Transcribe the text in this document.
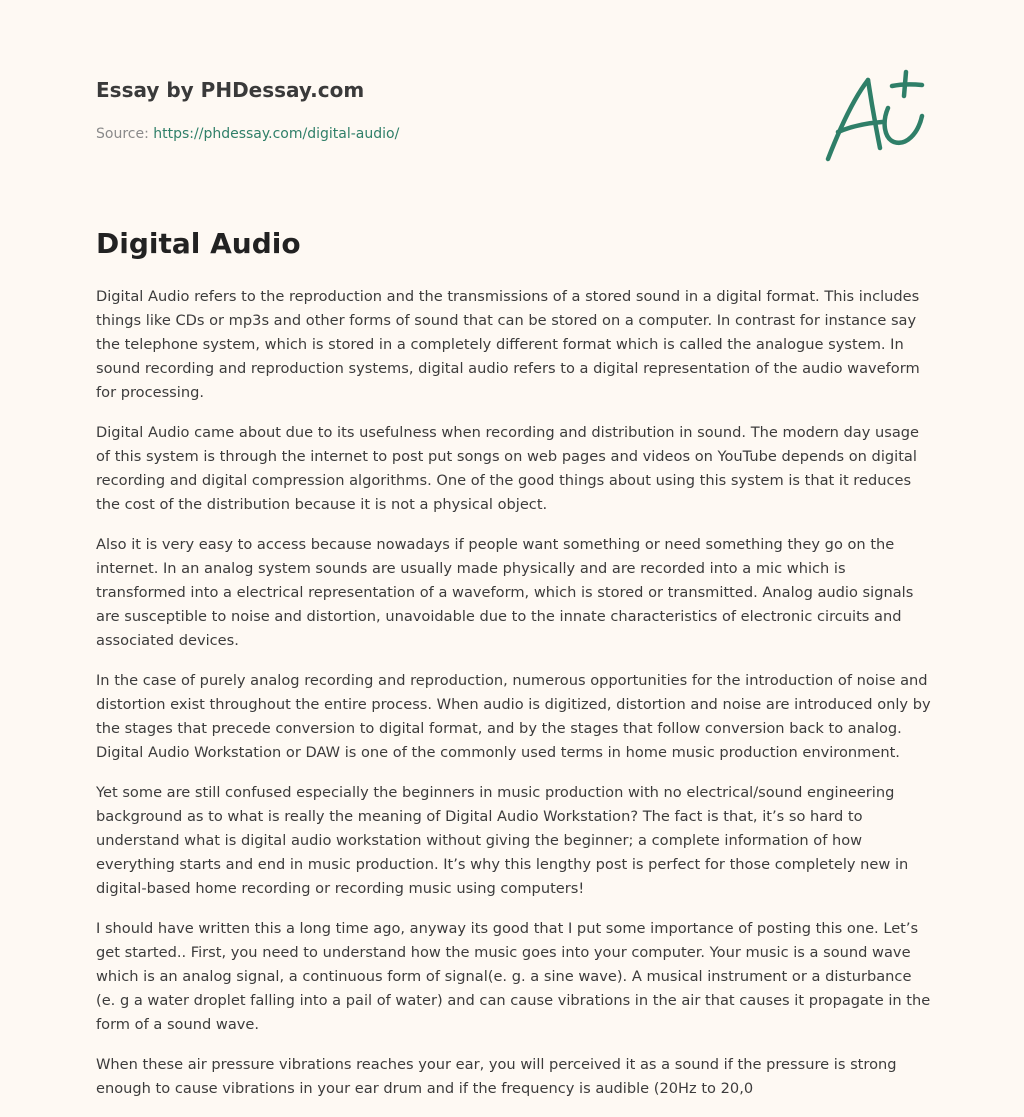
Essay by PHDessay.com
Source: https://phdessay.com/digital-audio/
Digital Audio

Digital Audio refers to the reproduction and the transmissions of a stored sound in a digital format. This includes things like CDs or mp3s and other forms of sound that can be stored on a computer. In contrast for instance say the telephone system, which is stored in a completely different format which is called the analogue system. In sound recording and reproduction systems, digital audio refers to a digital representation of the audio waveform for processing.

Digital Audio came about due to its usefulness when recording and distribution in sound. The modern day usage of this system is through the internet to post put songs on web pages and videos on YouTube depends on digital recording and digital compression algorithms. One of the good things about using this system is that it reduces the cost of the distribution because it is not a physical object.

Also it is very easy to access because nowadays if people want something or need something they go on the internet. In an analog system sounds are usually made physically and are recorded into a mic which is transformed into a electrical representation of a waveform, which is stored or transmitted. Analog audio signals are susceptible to noise and distortion, unavoidable due to the innate characteristics of electronic circuits and associated devices.

In the case of purely analog recording and reproduction, numerous opportunities for the introduction of noise and distortion exist throughout the entire process. When audio is digitized, distortion and noise are introduced only by the stages that precede conversion to digital format, and by the stages that follow conversion back to analog. Digital Audio Workstation or DAW is one of the commonly used terms in home music production environment.

Yet some are still confused especially the beginners in music production with no electrical/sound engineering background as to what is really the meaning of Digital Audio Workstation? The fact is that, it’s so hard to understand what is digital audio workstation without giving the beginner; a complete information of how everything starts and end in music production. It’s why this lengthy post is perfect for those completely new in digital-based home recording or recording music using computers!

I should have written this a long time ago, anyway its good that I put some importance of posting this one. Let’s get started.. First, you need to understand how the music goes into your computer. Your music is a sound wave which is an analog signal, a continuous form of signal(e. g. a sine wave). A musical instrument or a disturbance (e. g a water droplet falling into a pail of water) and can cause vibrations in the air that causes it propagate in the form of a sound wave.

When these air pressure vibrations reaches your ear, you will perceived it as a sound if the pressure is strong enough to cause vibrations in your ear drum and if the frequency is audible (20Hz to 20,0
